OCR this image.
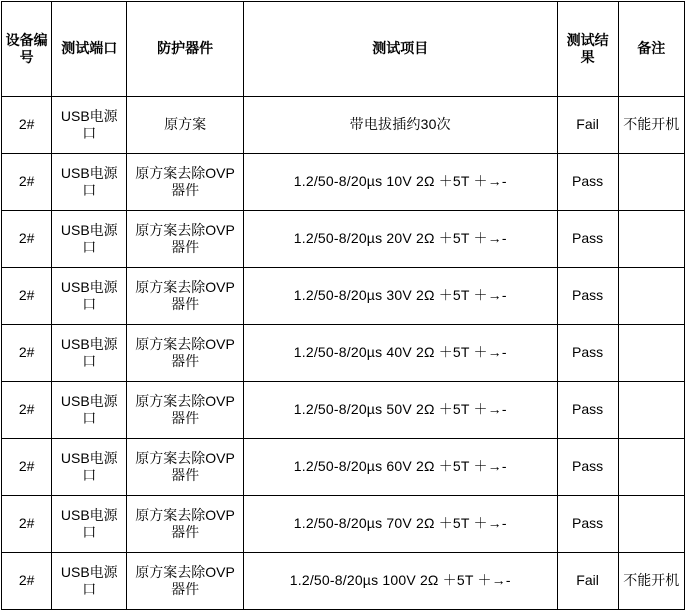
设备编号	测试端口	防护器件	测试项目	测试结果	备注
2#	USB电源口	原方案	带电拔插约30次	Fail	不能开机
2#	USB电源口	原方案去除OVP器件	1.2/50-8/20µs 10V 2Ω ＋5T ＋→-	Pass	
2#	USB电源口	原方案去除OVP器件	1.2/50-8/20µs 20V 2Ω ＋5T ＋→-	Pass	
2#	USB电源口	原方案去除OVP器件	1.2/50-8/20µs 30V 2Ω ＋5T ＋→-	Pass	
2#	USB电源口	原方案去除OVP器件	1.2/50-8/20µs 40V 2Ω ＋5T ＋→-	Pass	
2#	USB电源口	原方案去除OVP器件	1.2/50-8/20µs 50V 2Ω ＋5T ＋→-	Pass	
2#	USB电源口	原方案去除OVP器件	1.2/50-8/20µs 60V 2Ω ＋5T ＋→-	Pass	
2#	USB电源口	原方案去除OVP器件	1.2/50-8/20µs 70V 2Ω ＋5T ＋→-	Pass	
2#	USB电源口	原方案去除OVP器件	1.2/50-8/20µs 100V 2Ω ＋5T ＋→-	Fail	不能开机
